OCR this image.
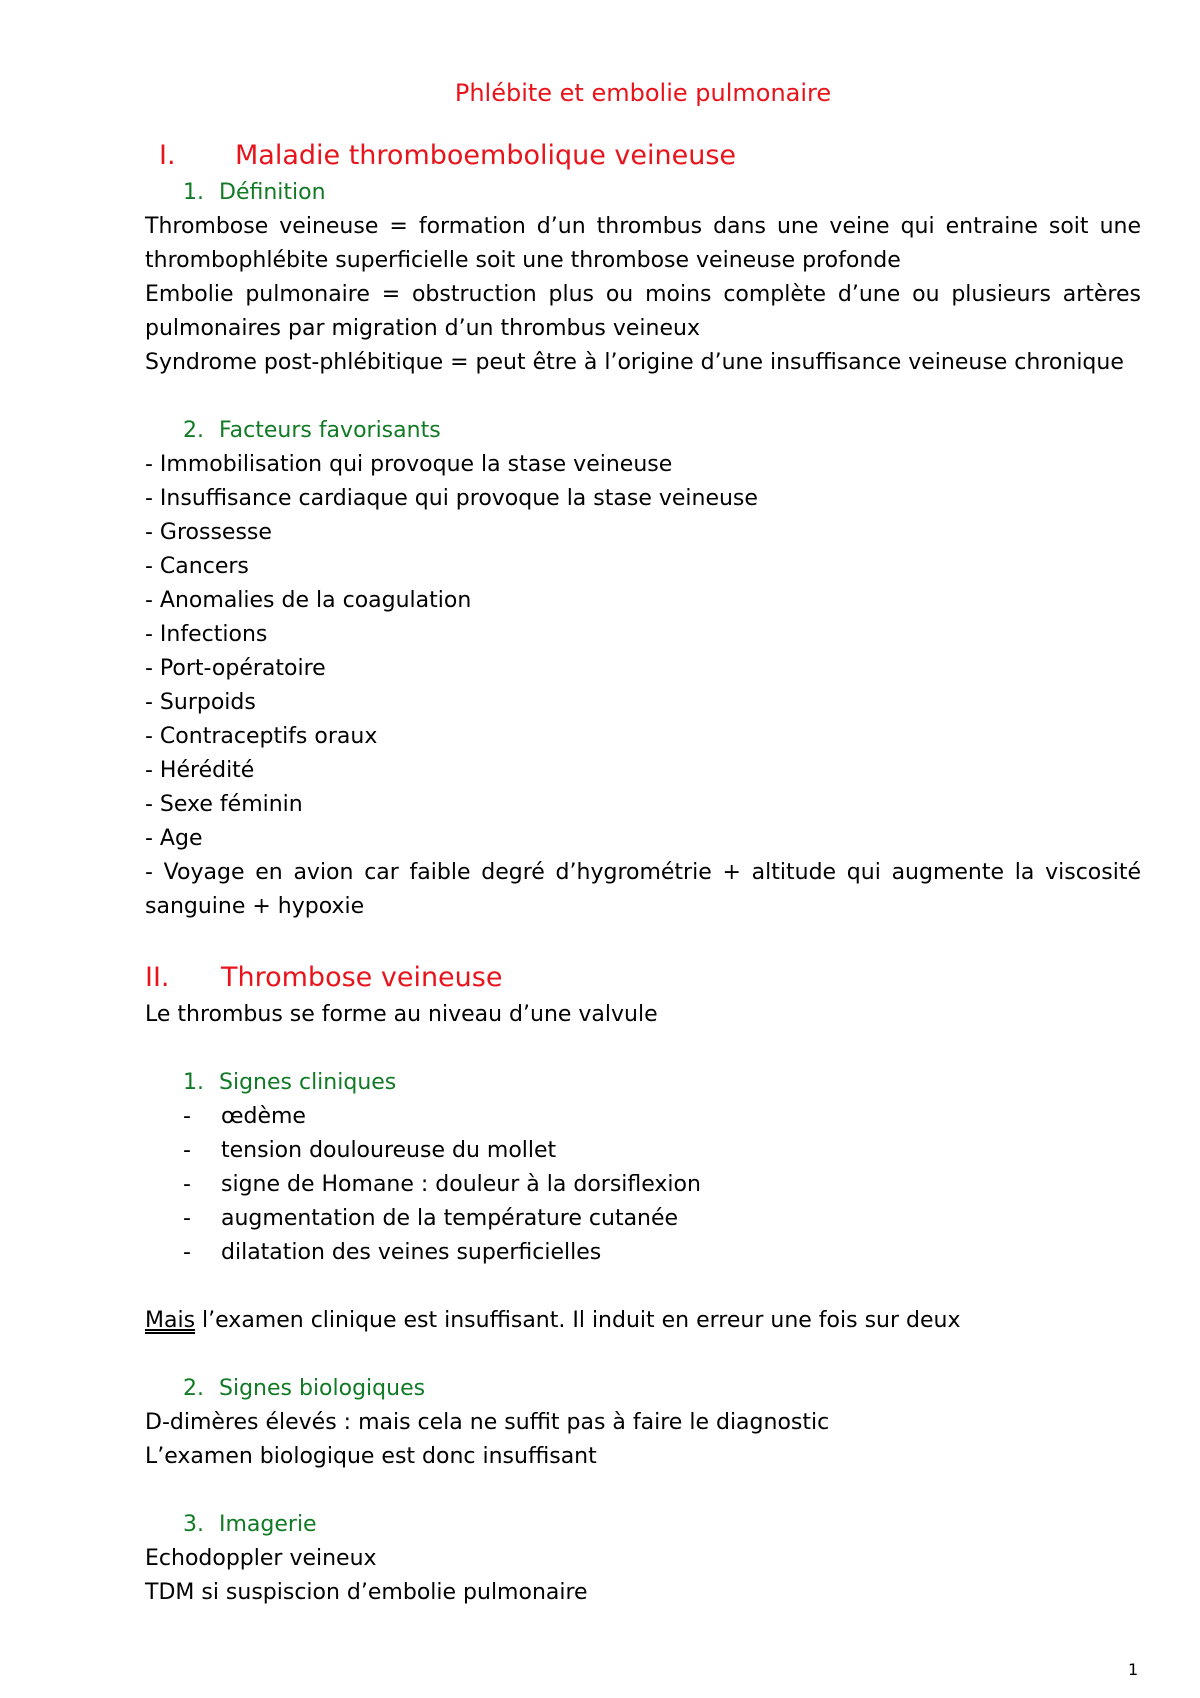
Phlébite et embolie pulmonaire
I.	Maladie thromboembolique veineuse
1. Définition

Thrombose veineuse = formation d’un thrombus dans une veine qui entraine soit une thrombophlébite superficielle soit une thrombose veineuse profonde

Embolie pulmonaire = obstruction plus ou moins complète d’une ou plusieurs artères pulmonaires par migration d’un thrombus veineux

Syndrome post-phlébitique = peut être à l’origine d’une insuffisance veineuse chronique

2. Facteurs favorisants
- Immobilisation qui provoque la stase veineuse
- Insuffisance cardiaque qui provoque la stase veineuse
- Grossesse
- Cancers
- Anomalies de la coagulation
- Infections
- Port-opératoire
- Surpoids
- Contraceptifs oraux
- Hérédité
- Sexe féminin
- Age

- Voyage en avion car faible degré d’hygrométrie + altitude qui augmente la viscosité sanguine + hypoxie

II.	Thrombose veineuse

Le thrombus se forme au niveau d’une valvule

1. Signes cliniques
-	œdème
-	tension douloureuse du mollet
-	signe de Homane : douleur à la dorsiflexion
-	augmentation de la température cutanée
-	dilatation des veines superficielles

Mais l’examen clinique est insuffisant. Il induit en erreur une fois sur deux

2. Signes biologiques

D-dimères élevés : mais cela ne suffit pas à faire le diagnostic

L’examen biologique est donc insuffisant

3. Imagerie

Echodoppler veineux

TDM si suspiscion d’embolie pulmonaire

1
